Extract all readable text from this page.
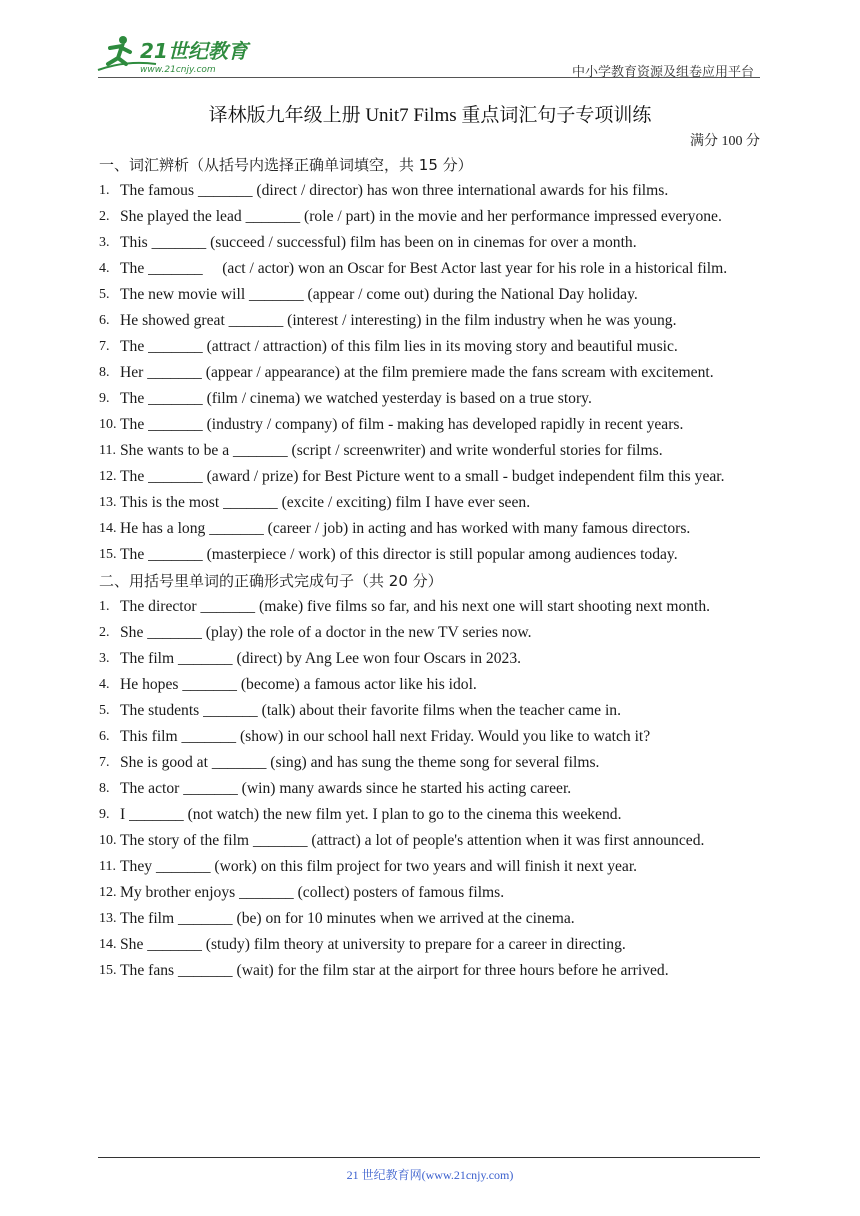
21世纪教育
www.21cnjy.com	中小学教育资源及组卷应用平台
译林版九年级上册 Unit7 Films 重点词汇句子专项训练
满分 100 分
一、词汇辨析（从括号内选择正确单词填空，共 15 分）
1. The famous _______ (direct / director) has won three international awards for his films.
2. She played the lead _______ (role / part) in the movie and her performance impressed everyone.
3. This _______ (succeed / successful) film has been on in cinemas for over a month.
4. The _______     (act / actor) won an Oscar for Best Actor last year for his role in a historical film.
5. The new movie will _______ (appear / come out) during the National Day holiday.
6. He showed great _______ (interest / interesting) in the film industry when he was young.
7. The _______ (attract / attraction) of this film lies in its moving story and beautiful music.
8. Her _______ (appear / appearance) at the film premiere made the fans scream with excitement.
9. The _______ (film / cinema) we watched yesterday is based on a true story.
10. The _______ (industry / company) of film - making has developed rapidly in recent years.
11. She wants to be a _______ (script / screenwriter) and write wonderful stories for films.
12. The _______ (award / prize) for Best Picture went to a small - budget independent film this year.
13. This is the most _______ (excite / exciting) film I have ever seen.
14. He has a long _______ (career / job) in acting and has worked with many famous directors.
15. The _______ (masterpiece / work) of this director is still popular among audiences today.
二、用括号里单词的正确形式完成句子（共 20 分）
1. The director _______ (make) five films so far, and his next one will start shooting next month.
2. She _______ (play) the role of a doctor in the new TV series now.
3. The film _______ (direct) by Ang Lee won four Oscars in 2023.
4. He hopes _______ (become) a famous actor like his idol.
5. The students _______ (talk) about their favorite films when the teacher came in.
6. This film _______ (show) in our school hall next Friday. Would you like to watch it?
7. She is good at _______ (sing) and has sung the theme song for several films.
8. The actor _______ (win) many awards since he started his acting career.
9. I _______ (not watch) the new film yet. I plan to go to the cinema this weekend.
10. The story of the film _______ (attract) a lot of people's attention when it was first announced.
11. They _______ (work) on this film project for two years and will finish it next year.
12. My brother enjoys _______ (collect) posters of famous films.
13. The film _______ (be) on for 10 minutes when we arrived at the cinema.
14. She _______ (study) film theory at university to prepare for a career in directing.
15. The fans _______ (wait) for the film star at the airport for three hours before he arrived.
21 世纪教育网(www.21cnjy.com)
